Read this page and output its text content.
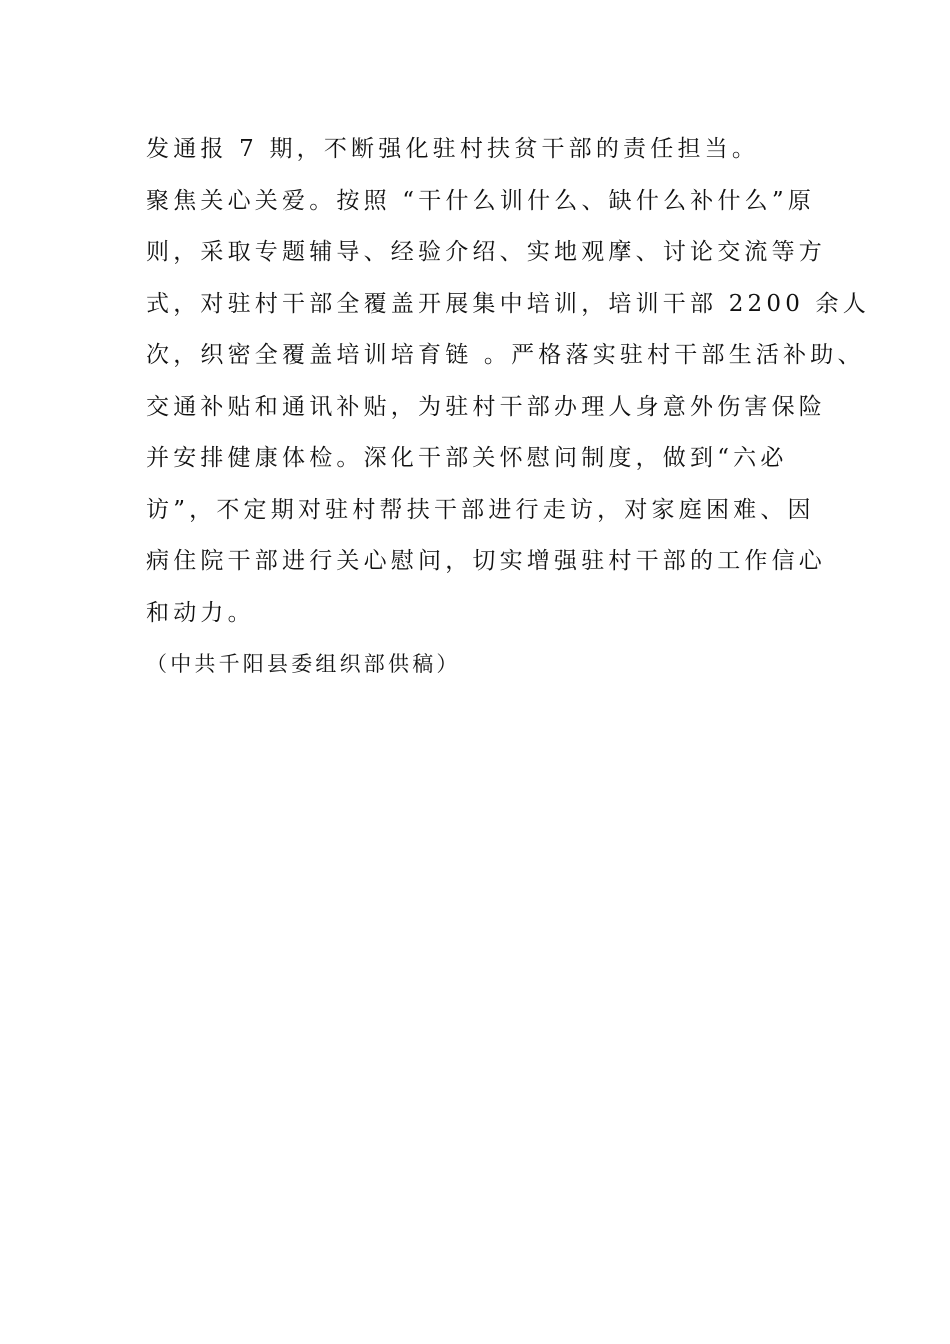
发通报 7 期，不断强化驻村扶贫干部的责任担当。
聚焦关心关爱。按照 “干什么训什么、缺什么补什么”原
则，采取专题辅导、经验介绍、实地观摩、讨论交流等方
式，对驻村干部全覆盖开展集中培训，培训干部 2200 余人
次，织密全覆盖培训培育链 。严格落实驻村干部生活补助、
交通补贴和通讯补贴，为驻村干部办理人身意外伤害保险
并安排健康体检。深化干部关怀慰问制度，做到“六必
访”，不定期对驻村帮扶干部进行走访，对家庭困难、因
病住院干部进行关心慰问，切实增强驻村干部的工作信心
和动力。
（中共千阳县委组织部供稿）
